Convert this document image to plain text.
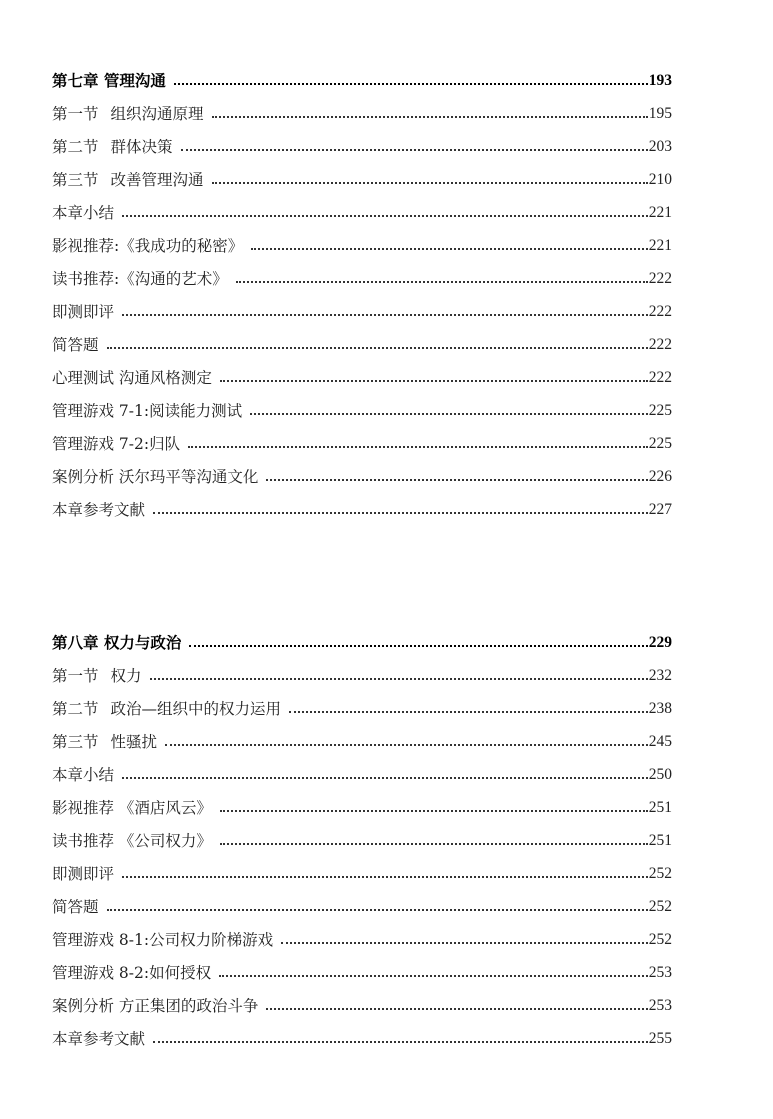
第七章 管理沟通	193
第一节 组织沟通原理	195
第二节 群体决策	203
第三节 改善管理沟通	210
本章小结	221
影视推荐:《我成功的秘密》	221
读书推荐:《沟通的艺术》	222
即测即评	222
简答题	222
心理测试 沟通风格测定	222
管理游戏 7-1:阅读能力测试	225
管理游戏 7-2:归队	225
案例分析 沃尔玛平等沟通文化	226
本章参考文献	227
第八章 权力与政治	229
第一节 权力	232
第二节 政治—组织中的权力运用	238
第三节 性骚扰	245
本章小结	250
影视推荐 《酒店风云》	251
读书推荐 《公司权力》	251
即测即评	252
简答题	252
管理游戏 8-1:公司权力阶梯游戏	252
管理游戏 8-2:如何授权	253
案例分析 方正集团的政治斗争	253
本章参考文献	255
